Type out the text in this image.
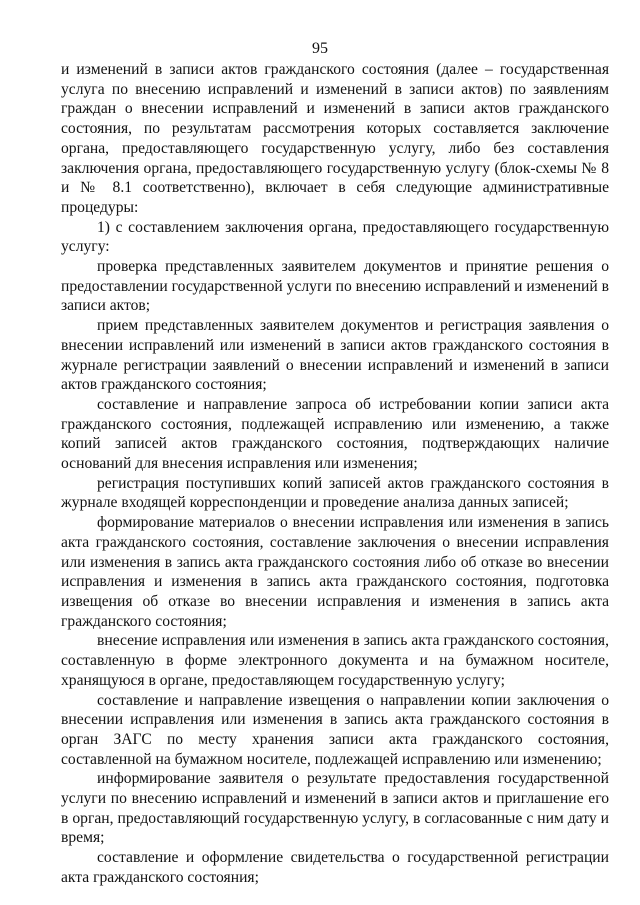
95

и изменений в записи актов гражданского состояния (далее – государственная услуга по внесению исправлений и изменений в записи актов) по заявлениям граждан о внесении исправлений и изменений в записи актов гражданского состояния, по результатам рассмотрения которых составляется заключение органа, предоставляющего государственную услугу, либо без составления заключения органа, предоставляющего государственную услугу (блок-схемы № 8 и № 8.1 соответственно), включает в себя следующие административные процедуры:

1) с составлением заключения органа, предоставляющего государственную услугу:

проверка представленных заявителем документов и принятие решения о предоставлении государственной услуги по внесению исправлений и изменений в записи актов;

прием представленных заявителем документов и регистрация заявления о внесении исправлений или изменений в записи актов гражданского состояния в журнале регистрации заявлений о внесении исправлений и изменений в записи актов гражданского состояния;

составление и направление запроса об истребовании копии записи акта гражданского состояния, подлежащей исправлению или изменению, а также копий записей актов гражданского состояния, подтверждающих наличие оснований для внесения исправления или изменения;

регистрация поступивших копий записей актов гражданского состояния в журнале входящей корреспонденции и проведение анализа данных записей;

формирование материалов о внесении исправления или изменения в запись акта гражданского состояния, составление заключения о внесении исправления или изменения в запись акта гражданского состояния либо об отказе во внесении исправления и изменения в запись акта гражданского состояния, подготовка извещения об отказе во внесении исправления и изменения в запись акта гражданского состояния;

внесение исправления или изменения в запись акта гражданского состояния, составленную в форме электронного документа и на бумажном носителе, хранящуюся в органе, предоставляющем государственную услугу;

составление и направление извещения о направлении копии заключения о внесении исправления или изменения в запись акта гражданского состояния в орган ЗАГС по месту хранения записи акта гражданского состояния, составленной на бумажном носителе, подлежащей исправлению или изменению;

информирование заявителя о результате предоставления государственной услуги по внесению исправлений и изменений в записи актов и приглашение его в орган, предоставляющий государственную услугу, в согласованные с ним дату и время;

составление и оформление свидетельства о государственной регистрации акта гражданского состояния;
